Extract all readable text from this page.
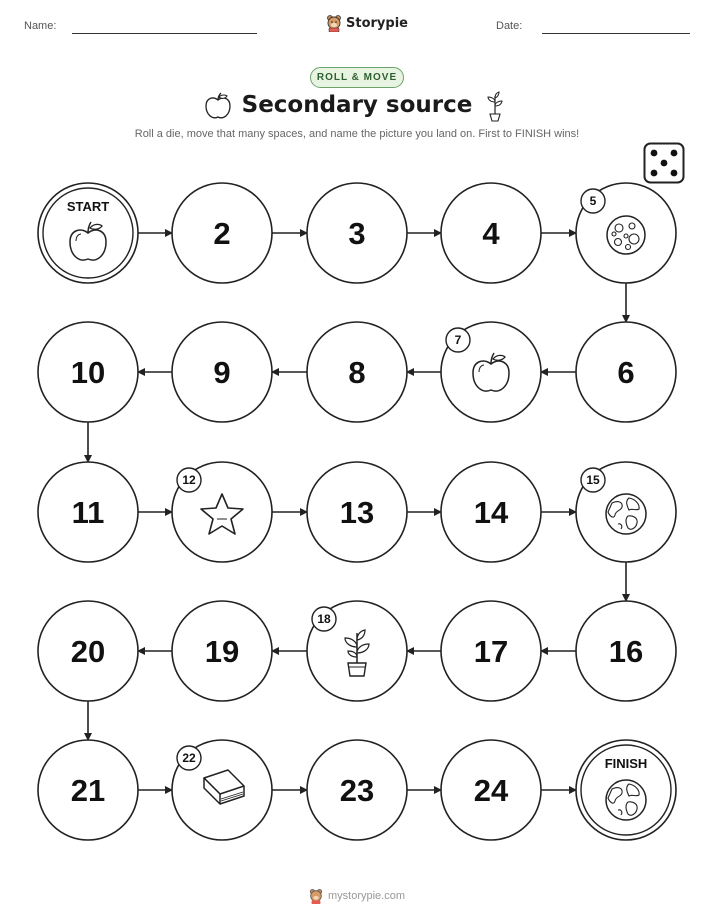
Name:	Storypie	Date:
ROLL & MOVE
Secondary source
Roll a die, move that many spaces, and name the picture you land on. First to FINISH wins!
START
2	3	4
5
6
7
8
9
10
11
12
13	14
15
16
17
18
19
20
21
22
23	24
FINISH
mystorypie.com
